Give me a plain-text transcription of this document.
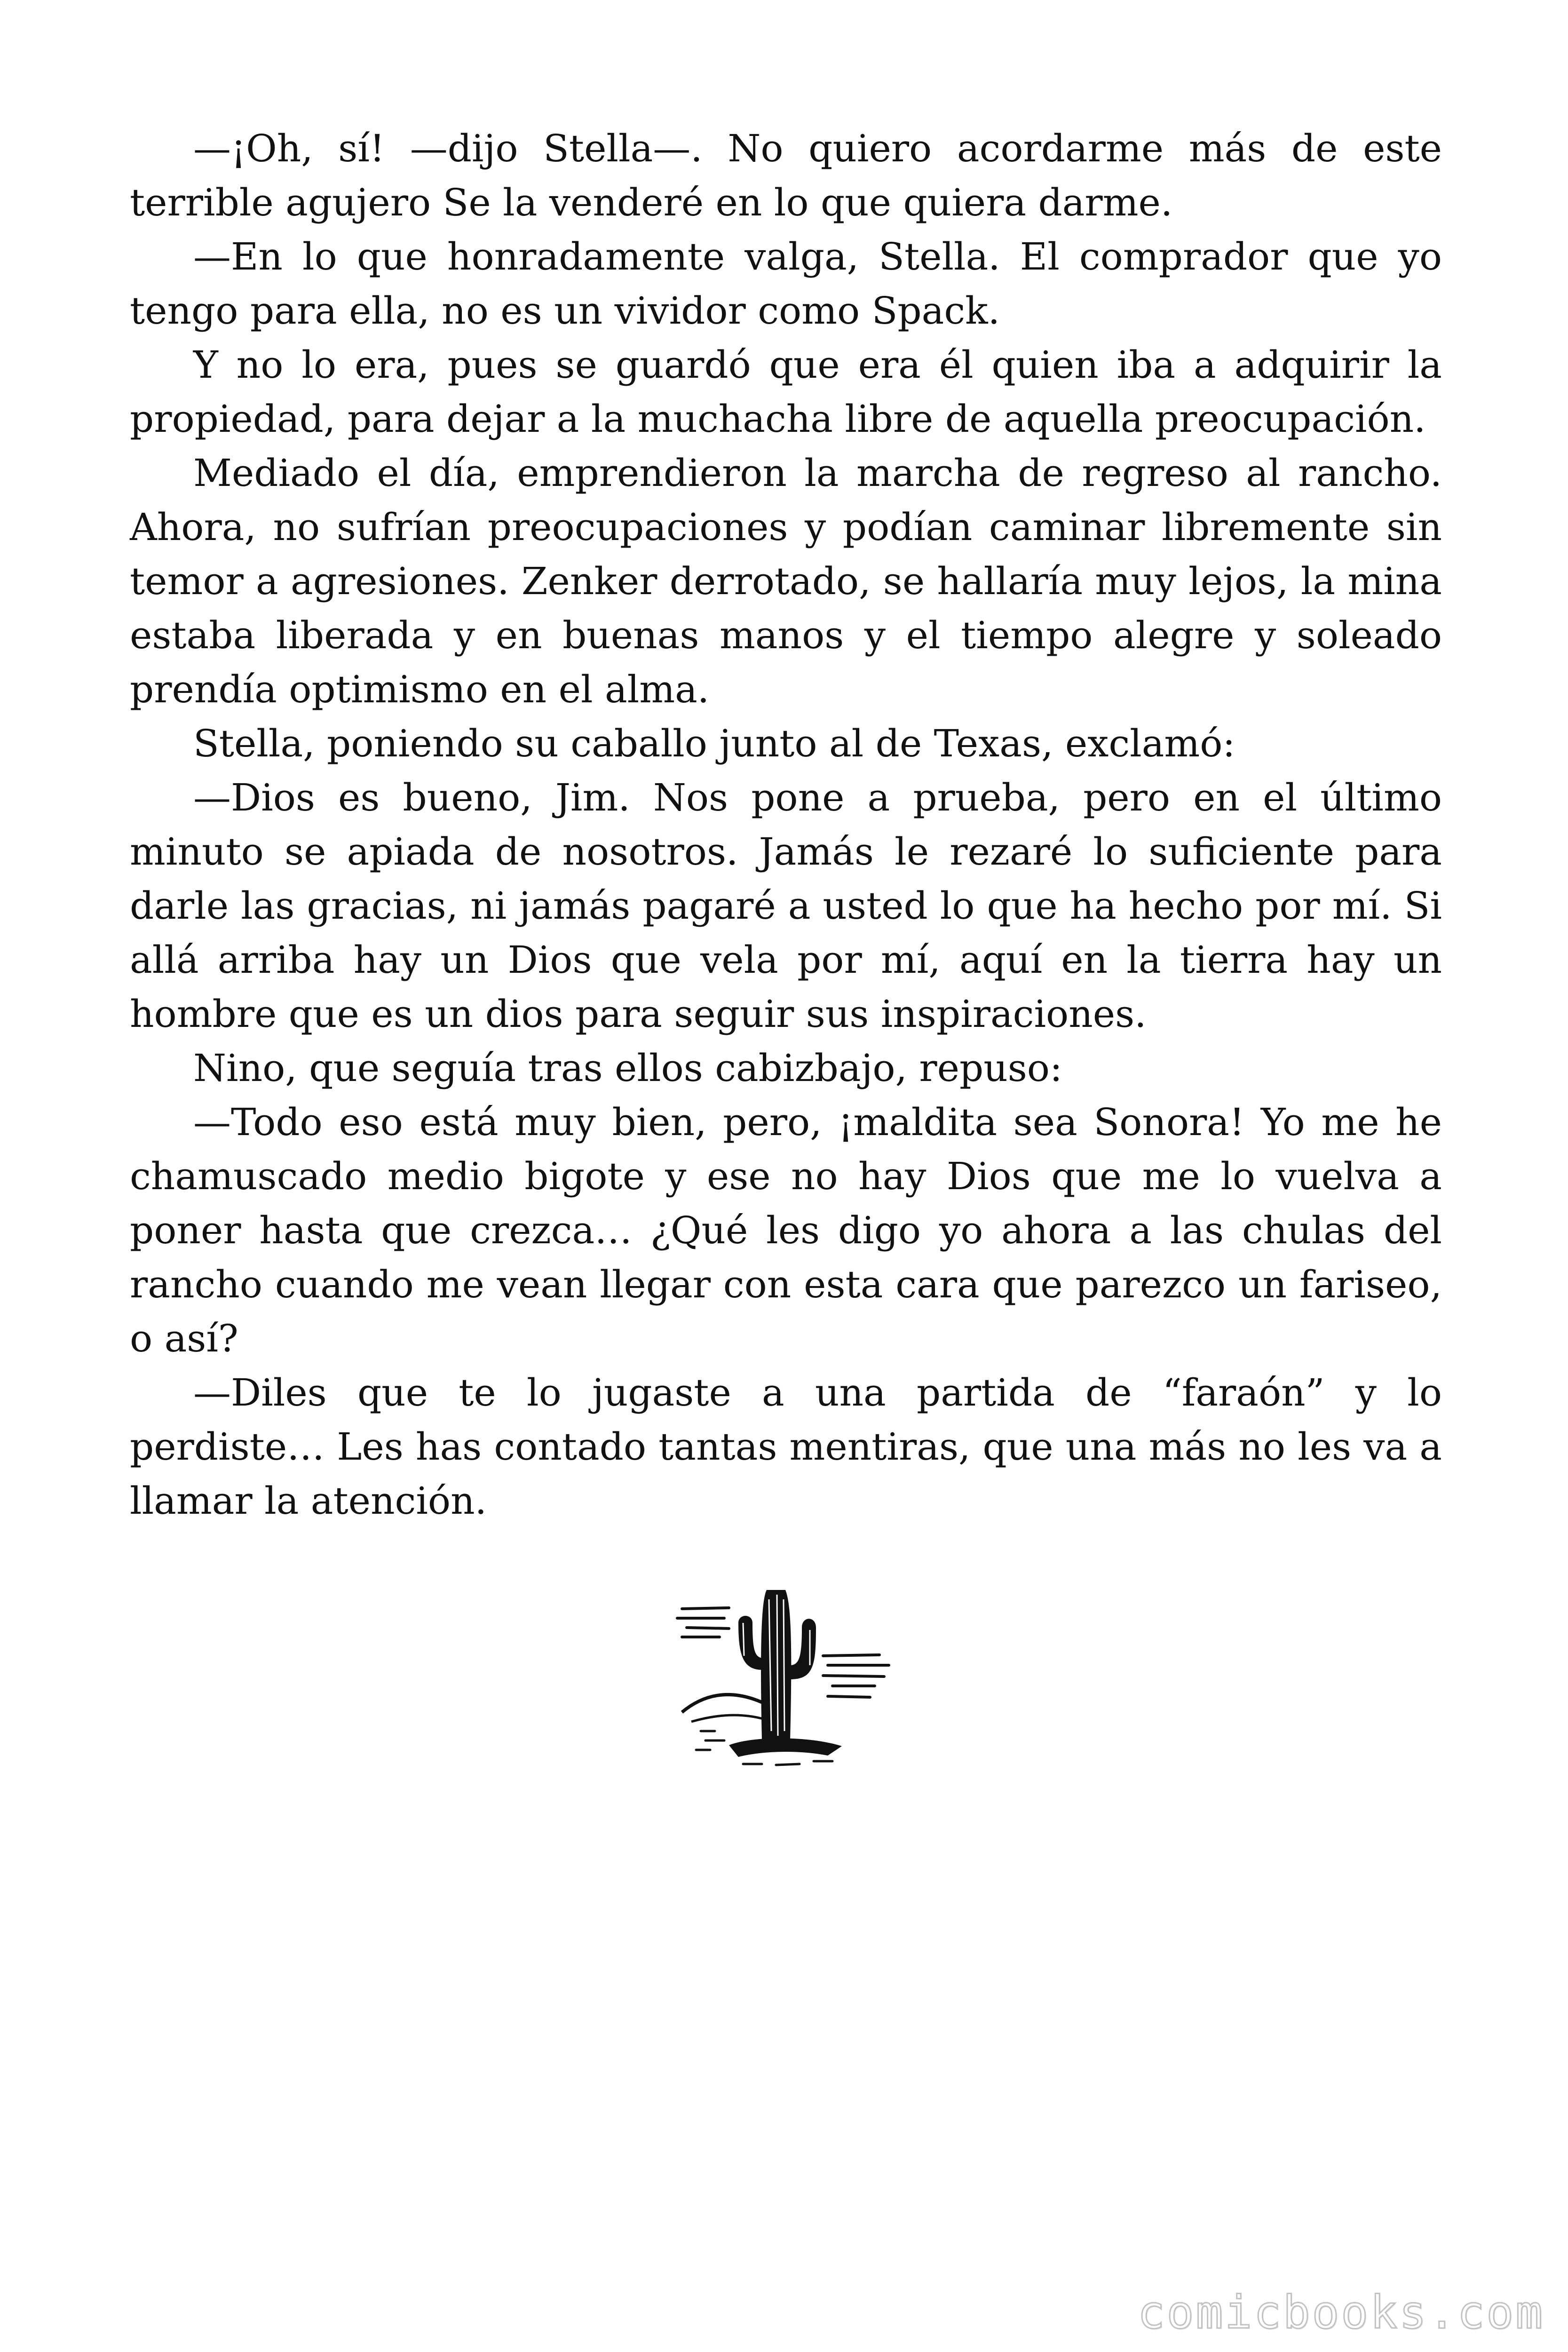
—¡Oh, sí! —dijo Stella—. No quiero acordarme más de este terrible agujero Se la venderé en lo que quiera darme.

—En lo que honradamente valga, Stella. El comprador que yo tengo para ella, no es un vividor como Spack.

Y no lo era, pues se guardó que era él quien iba a adquirir la propiedad, para dejar a la muchacha libre de aquella preocupación.

Mediado el día, emprendieron la marcha de regreso al rancho. Ahora, no sufrían preocupaciones y podían caminar libremente sin temor a agresiones. Zenker derrotado, se hallaría muy lejos, la mina estaba liberada y en buenas manos y el tiempo alegre y soleado prendía optimismo en el alma.

Stella, poniendo su caballo junto al de Texas, exclamó:

—Dios es bueno, Jim. Nos pone a prueba, pero en el último minuto se apiada de nosotros. Jamás le rezaré lo suficiente para darle las gracias, ni jamás pagaré a usted lo que ha hecho por mí. Si allá arriba hay un Dios que vela por mí, aquí en la tierra hay un hombre que es un dios para seguir sus inspiraciones.

Nino, que seguía tras ellos cabizbajo, repuso:

—Todo eso está muy bien, pero, ¡maldita sea Sonora! Yo me he chamuscado medio bigote y ese no hay Dios que me lo vuelva a poner hasta que crezca… ¿Qué les digo yo ahora a las chulas del rancho cuando me vean llegar con esta cara que parezco un fariseo, o así?

—Diles que te lo jugaste a una partida de “faraón” y lo perdiste… Les has contado tantas mentiras, que una más no les va a llamar la atención.

comicbooks.com
